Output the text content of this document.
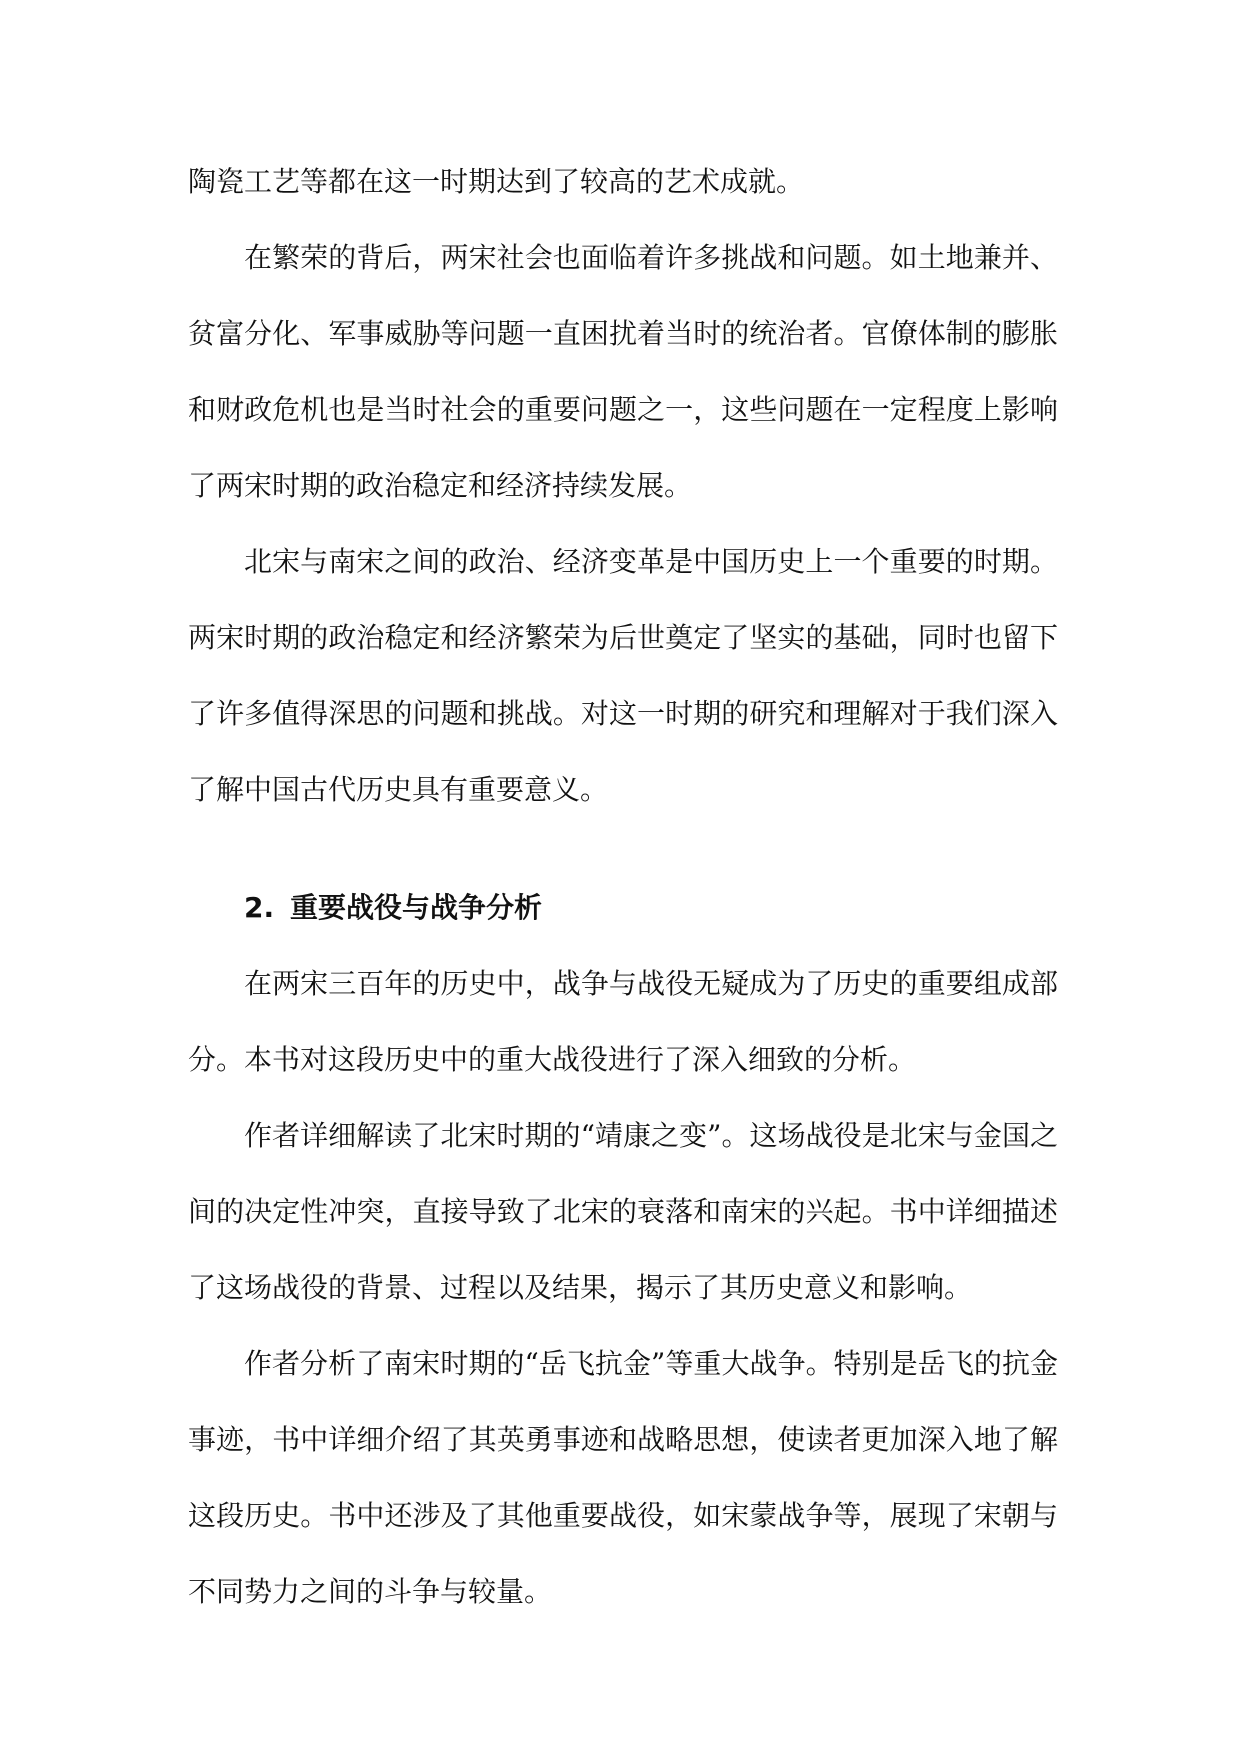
陶瓷工艺等都在这一时期达到了较高的艺术成就。

在繁荣的背后，两宋社会也面临着许多挑战和问题。如土地兼并、贫富分化、军事威胁等问题一直困扰着当时的统治者。官僚体制的膨胀和财政危机也是当时社会的重要问题之一，这些问题在一定程度上影响了两宋时期的政治稳定和经济持续发展。

北宋与南宋之间的政治、经济变革是中国历史上一个重要的时期。两宋时期的政治稳定和经济繁荣为后世奠定了坚实的基础，同时也留下了许多值得深思的问题和挑战。对这一时期的研究和理解对于我们深入了解中国古代历史具有重要意义。

2. 重要战役与战争分析

在两宋三百年的历史中，战争与战役无疑成为了历史的重要组成部分。本书对这段历史中的重大战役进行了深入细致的分析。

作者详细解读了北宋时期的“靖康之变”。这场战役是北宋与金国之间的决定性冲突，直接导致了北宋的衰落和南宋的兴起。书中详细描述了这场战役的背景、过程以及结果，揭示了其历史意义和影响。

作者分析了南宋时期的“岳飞抗金”等重大战争。特别是岳飞的抗金事迹，书中详细介绍了其英勇事迹和战略思想，使读者更加深入地了解这段历史。书中还涉及了其他重要战役，如宋蒙战争等，展现了宋朝与不同势力之间的斗争与较量。
